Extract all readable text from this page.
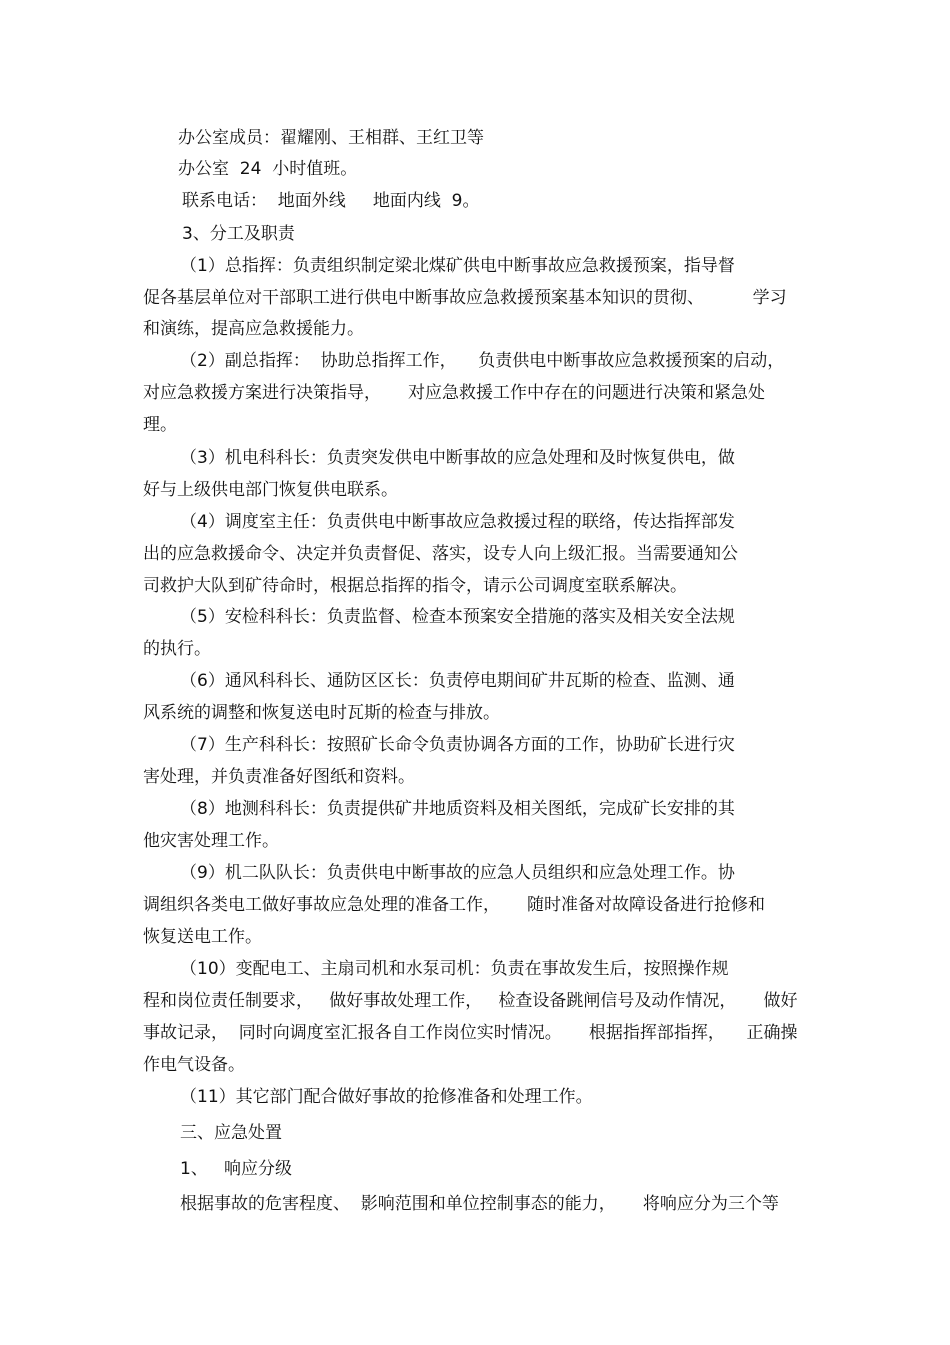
办公室成员：翟耀刚、王相群、王红卫等
办公室  24  小时值班。
联系电话：  地面外线     地面内线  9。
3、分工及职责
（1）总指挥：负责组织制定梁北煤矿供电中断事故应急救援预案，指导督
促各基层单位对干部职工进行供电中断事故应急救援预案基本知识的贯彻、         学习
和演练，提高应急救援能力。
（2）副总指挥：  协助总指挥工作，    负责供电中断事故应急救援预案的启动，
对应急救援方案进行决策指导，     对应急救援工作中存在的问题进行决策和紧急处
理。
（3）机电科科长：负责突发供电中断事故的应急处理和及时恢复供电，做
好与上级供电部门恢复供电联系。
（4）调度室主任：负责供电中断事故应急救援过程的联络，传达指挥部发
出的应急救援命令、决定并负责督促、落实，设专人向上级汇报。当需要通知公
司救护大队到矿待命时，根据总指挥的指令，请示公司调度室联系解决。
（5）安检科科长：负责监督、检查本预案安全措施的落实及相关安全法规
的执行。
（6）通风科科长、通防区区长：负责停电期间矿井瓦斯的检查、监测、通
风系统的调整和恢复送电时瓦斯的检查与排放。
（7）生产科科长：按照矿长命令负责协调各方面的工作，协助矿长进行灾
害处理，并负责准备好图纸和资料。
（8）地测科科长：负责提供矿井地质资料及相关图纸，完成矿长安排的其
他灾害处理工作。
（9）机二队队长：负责供电中断事故的应急人员组织和应急处理工作。协
调组织各类电工做好事故应急处理的准备工作，     随时准备对故障设备进行抢修和
恢复送电工作。
（10）变配电工、主扇司机和水泵司机：负责在事故发生后，按照操作规
程和岗位责任制要求，   做好事故处理工作，   检查设备跳闸信号及动作情况，     做好
事故记录，  同时向调度室汇报各自工作岗位实时情况。     根据指挥部指挥，    正确操
作电气设备。
（11）其它部门配合做好事故的抢修准备和处理工作。
三、应急处置
1、   响应分级
根据事故的危害程度、  影响范围和单位控制事态的能力，     将响应分为三个等
